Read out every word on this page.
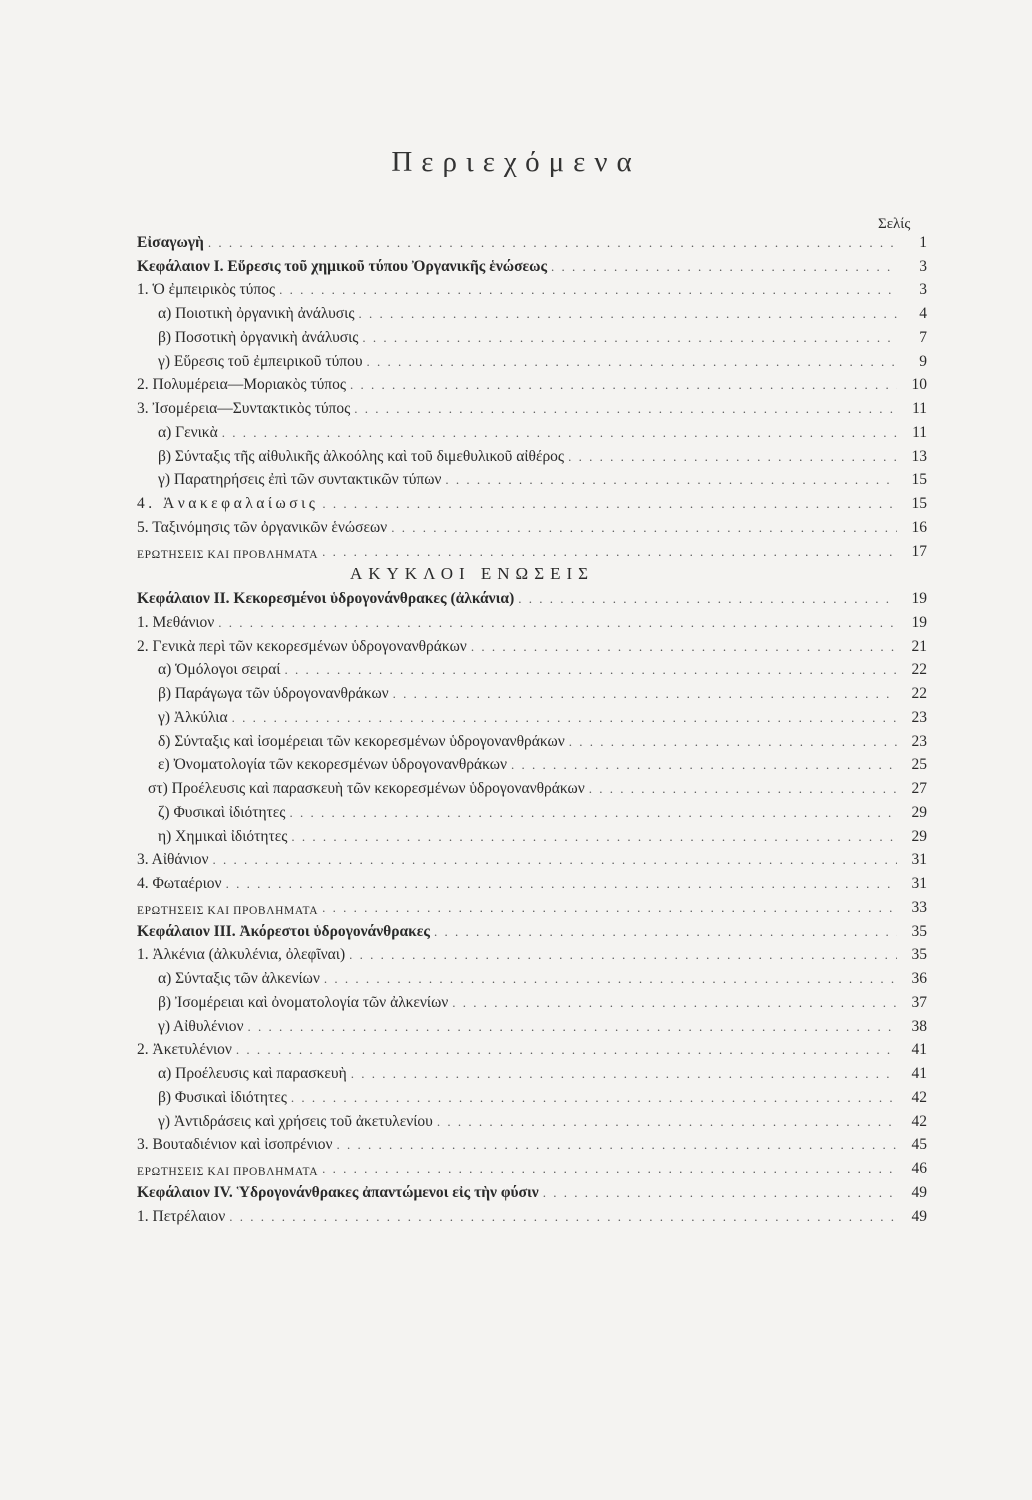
Περιεχόμενα
Σελίς
Εἰσαγωγὴ . . .	1
Κεφάλαιον Ι. Εὕρεσις τοῦ χημικοῦ τύπου Ὀργανικῆς ἑνώσεως . . .	3
1. Ὁ ἐμπειρικὸς τύπος . . .	3
α) Ποιοτικὴ ὀργανικὴ ἀνάλυσις . . .	4
β) Ποσοτικὴ ὀργανικὴ ἀνάλυσις . . .	7
γ) Εὕρεσις τοῦ ἐμπειρικοῦ τύπου . . .	9
2. Πολυμέρεια—Μοριακὸς τύπος . . .	10
3. Ἰσομέρεια—Συντακτικὸς τύπος . . .	11
α) Γενικὰ . . .	11
β) Σύνταξις τῆς αἰθυλικῆς ἀλκοόλης καὶ τοῦ διμεθυλικοῦ αἰθέρος . . .	13
γ) Παρατηρήσεις ἐπὶ τῶν συντακτικῶν τύπων . . .	15
4. Ἀνακεφαλαίωσις . . .	15
5. Ταξινόμησις τῶν ὀργανικῶν ἑνώσεων . . .	16
ΕΡΩΤΗΣΕΙΣ ΚΑΙ ΠΡΟΒΛΗΜΑΤΑ . . .	17
ΑΚΥΚΛΟΙ ΕΝΩΣΕΙΣ
Κεφάλαιον ΙΙ. Κεκορεσμένοι ὑδρογονάνθρακες (ἀλκάνια) . . .	19
1. Μεθάνιον . . .	19
2. Γενικὰ περὶ τῶν κεκορεσμένων ὑδρογονανθράκων . . .	21
α) Ὁμόλογοι σειραί . . .	22
β) Παράγωγα τῶν ὑδρογονανθράκων . . .	22
γ) Ἀλκύλια . . .	23
δ) Σύνταξις καὶ ἰσομέρειαι τῶν κεκορεσμένων ὑδρογονανθράκων . . .	23
ε) Ὀνοματολογία τῶν κεκορεσμένων ὑδρογονανθράκων . . .	25
στ) Προέλευσις καὶ παρασκευὴ τῶν κεκορεσμένων ὑδρογονανθράκων . . .	27
ζ) Φυσικαὶ ἰδιότητες . . .	29
η) Χημικαὶ ἰδιότητες . . .	29
3. Αἰθάνιον . . .	31
4. Φωταέριον . . .	31
ΕΡΩΤΗΣΕΙΣ ΚΑΙ ΠΡΟΒΛΗΜΑΤΑ . . .	33
Κεφάλαιον ΙΙΙ. Ἀκόρεστοι ὑδρογονάνθρακες . . .	35
1. Ἀλκένια (ἀλκυλένια, ὀλεφῖναι) . . .	35
α) Σύνταξις τῶν ἀλκενίων . . .	36
β) Ἰσομέρειαι καὶ ὀνοματολογία τῶν ἀλκενίων . . .	37
γ) Αἰθυλένιον . . .	38
2. Ἀκετυλένιον . . .	41
α) Προέλευσις καὶ παρασκευὴ . . .	41
β) Φυσικαὶ ἰδιότητες . . .	42
γ) Ἀντιδράσεις καὶ χρήσεις τοῦ ἀκετυλενίου . . .	42
3. Βουταδιένιον καὶ ἰσοπρένιον . . .	45
ΕΡΩΤΗΣΕΙΣ ΚΑΙ ΠΡΟΒΛΗΜΑΤΑ . . .	46
Κεφάλαιον IV. Ὑδρογονάνθρακες ἀπαντώμενοι εἰς τὴν φύσιν . . .	49
1. Πετρέλαιον . . .	49
